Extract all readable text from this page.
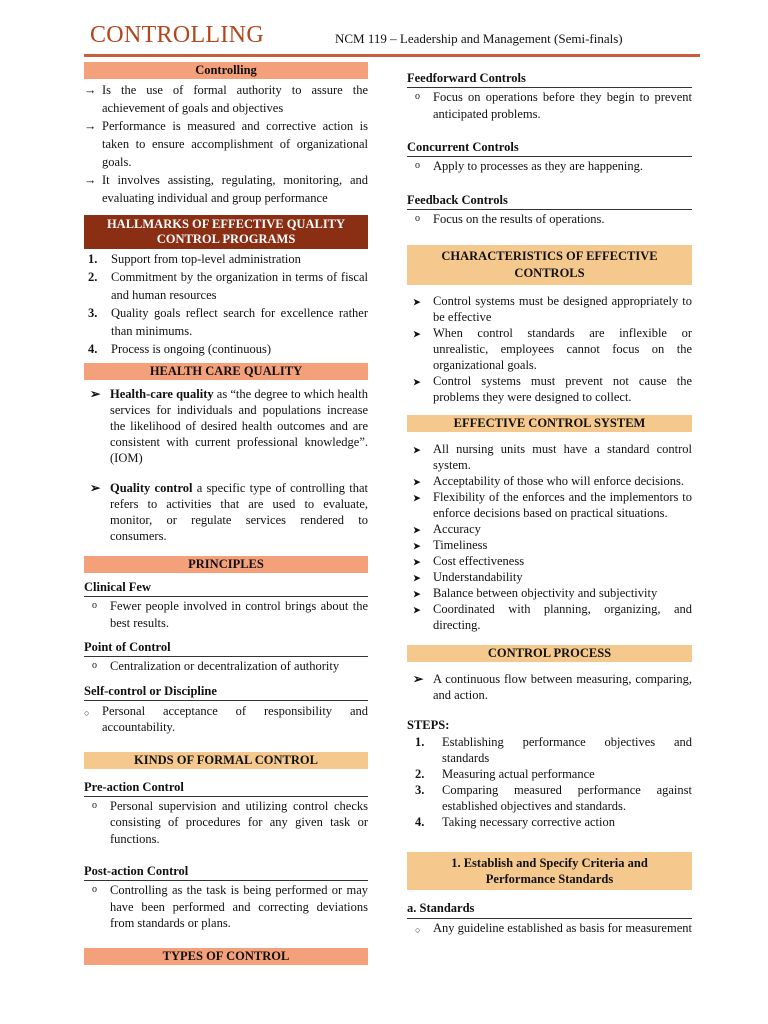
CONTROLLING	NCM 119 – Leadership and Management (Semi-finals)
Controlling
→ Is the use of formal authority to assure the achievement of goals and objectives
→ Performance is measured and corrective action is taken to ensure accomplishment of organizational goals.
→ It involves assisting, regulating, monitoring, and evaluating individual and group performance
HALLMARKS OF EFFECTIVE QUALITY CONTROL PROGRAMS
1. Support from top-level administration
2. Commitment by the organization in terms of fiscal and human resources
3. Quality goals reflect search for excellence rather than minimums.
4. Process is ongoing (continuous)
HEALTH CARE QUALITY
➢ Health-care quality as “the degree to which health services for individuals and populations increase the likelihood of desired health outcomes and are consistent with current professional knowledge”. (IOM)
➢ Quality control a specific type of controlling that refers to activities that are used to evaluate, monitor, or regulate services rendered to consumers.
PRINCIPLES
Clinical Few
o Fewer people involved in control brings about the best results.
Point of Control
o Centralization or decentralization of authority
Self-control or Discipline
○ Personal acceptance of responsibility and accountability.
KINDS OF FORMAL CONTROL
Pre-action Control
o Personal supervision and utilizing control checks consisting of procedures for any given task or functions.
Post-action Control
o Controlling as the task is being performed or may have been performed and correcting deviations from standards or plans.
TYPES OF CONTROL
Feedforward Controls
o Focus on operations before they begin to prevent anticipated problems.
Concurrent Controls
o Apply to processes as they are happening.
Feedback Controls
o Focus on the results of operations.
CHARACTERISTICS OF EFFECTIVE CONTROLS
➤ Control systems must be designed appropriately to be effective
➤ When control standards are inflexible or unrealistic, employees cannot focus on the organizational goals.
➤ Control systems must prevent not cause the problems they were designed to collect.
EFFECTIVE CONTROL SYSTEM
➤ All nursing units must have a standard control system.
➤ Acceptability of those who will enforce decisions.
➤ Flexibility of the enforces and the implementors to enforce decisions based on practical situations.
➤ Accuracy
➤ Timeliness
➤ Cost effectiveness
➤ Understandability
➤ Balance between objectivity and subjectivity
➤ Coordinated with planning, organizing, and directing.
CONTROL PROCESS
➢ A continuous flow between measuring, comparing, and action.
STEPS:
1. Establishing performance objectives and standards
2. Measuring actual performance
3. Comparing measured performance against established objectives and standards.
4. Taking necessary corrective action
1. Establish and Specify Criteria and Performance Standards
a. Standards
○ Any guideline established as basis for measurement
